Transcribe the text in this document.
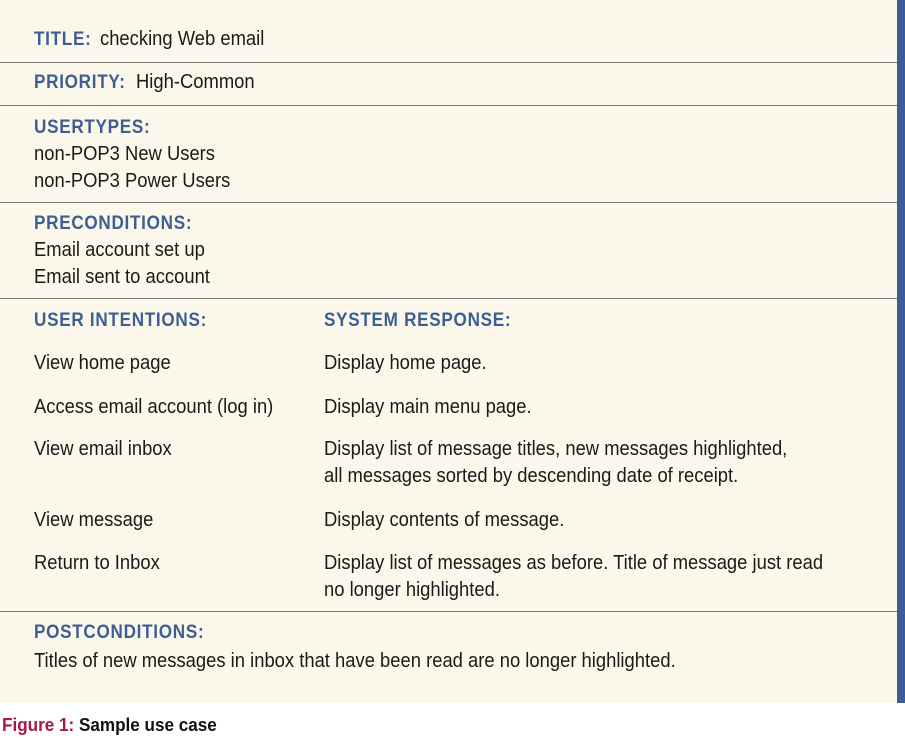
TITLE: checking Web email
PRIORITY: High-Common
USERTYPES:
non-POP3 New Users
non-POP3 Power Users
PRECONDITIONS:
Email account set up
Email sent to account
USER INTENTIONS:	SYSTEM RESPONSE:
View home page	Display home page.
Access email account (log in)	Display main menu page.
View email inbox	Display list of message titles, new messages highlighted,
all messages sorted by descending date of receipt.
View message	Display contents of message.
Return to Inbox	Display list of messages as before. Title of message just read
no longer highlighted.
POSTCONDITIONS:
Titles of new messages in inbox that have been read are no longer highlighted.
Figure 1: Sample use case
